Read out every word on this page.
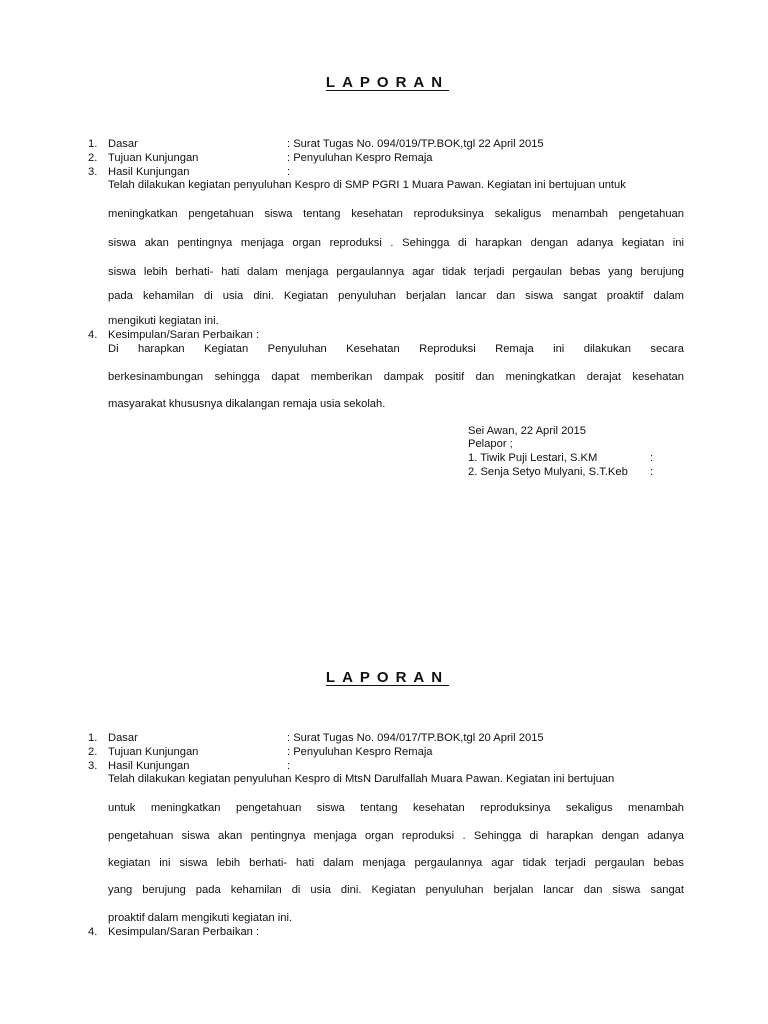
LAPORAN
1. Dasar	: Surat Tugas No. 094/019/TP.BOK,tgl 22 April 2015
2. Tujuan Kunjungan	: Penyuluhan Kespro Remaja
3. Hasil Kunjungan	:
Telah dilakukan kegiatan penyuluhan Kespro di SMP PGRI 1 Muara Pawan. Kegiatan ini bertujuan untuk
meningkatkan pengetahuan siswa tentang kesehatan reproduksinya sekaligus menambah pengetahuan
siswa akan pentingnya menjaga organ reproduksi . Sehingga di harapkan dengan adanya kegiatan ini
siswa lebih berhati- hati dalam menjaga pergaulannya agar tidak terjadi pergaulan bebas yang berujung
pada kehamilan di usia dini. Kegiatan penyuluhan berjalan lancar dan siswa sangat proaktif dalam
mengikuti kegiatan ini.
4. Kesimpulan/Saran Perbaikan :
Di harapkan Kegiatan Penyuluhan Kesehatan Reproduksi Remaja ini dilakukan secara
berkesinambungan sehingga dapat memberikan dampak positif dan meningkatkan derajat kesehatan
masyarakat khususnya dikalangan remaja usia sekolah.
Sei Awan, 22 April 2015
Pelapor ;
1. Tiwik Puji Lestari, S.KM	:
2. Senja Setyo Mulyani, S.T.Keb :
LAPORAN
1. Dasar	: Surat Tugas No. 094/017/TP.BOK,tgl 20 April 2015
2. Tujuan Kunjungan	: Penyuluhan Kespro Remaja
3. Hasil Kunjungan	:
Telah dilakukan kegiatan penyuluhan Kespro di MtsN Darulfallah Muara Pawan. Kegiatan ini bertujuan
untuk meningkatkan pengetahuan siswa tentang kesehatan reproduksinya sekaligus menambah
pengetahuan siswa akan pentingnya menjaga organ reproduksi . Sehingga di harapkan dengan adanya
kegiatan ini siswa lebih berhati- hati dalam menjaga pergaulannya agar tidak terjadi pergaulan bebas
yang berujung pada kehamilan di usia dini. Kegiatan penyuluhan berjalan lancar dan siswa sangat
proaktif dalam mengikuti kegiatan ini.
4. Kesimpulan/Saran Perbaikan :
